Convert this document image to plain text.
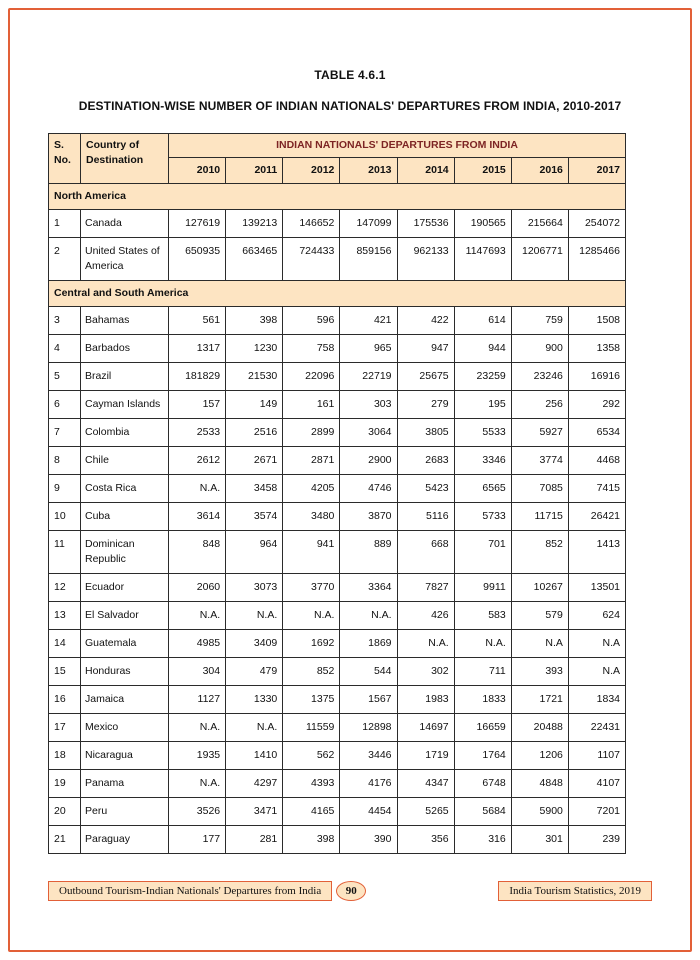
TABLE 4.6.1
DESTINATION-WISE NUMBER OF INDIAN NATIONALS' DEPARTURES FROM INDIA, 2010-2017
S. No.	Country of Destination	INDIAN NATIONALS' DEPARTURES FROM INDIA							
		2010	2011	2012	2013	2014	2015	2016	2017
North America									
1	Canada	127619	139213	146652	147099	175536	190565	215664	254072
2	United States of America	650935	663465	724433	859156	962133	1147693	1206771	1285466
Central and South America									
3	Bahamas	561	398	596	421	422	614	759	1508
4	Barbados	1317	1230	758	965	947	944	900	1358
5	Brazil	181829	21530	22096	22719	25675	23259	23246	16916
6	Cayman Islands	157	149	161	303	279	195	256	292
7	Colombia	2533	2516	2899	3064	3805	5533	5927	6534
8	Chile	2612	2671	2871	2900	2683	3346	3774	4468
9	Costa Rica	N.A.	3458	4205	4746	5423	6565	7085	7415
10	Cuba	3614	3574	3480	3870	5116	5733	11715	26421
11	Dominican Republic	848	964	941	889	668	701	852	1413
12	Ecuador	2060	3073	3770	3364	7827	9911	10267	13501
13	El Salvador	N.A.	N.A.	N.A.	N.A.	426	583	579	624
14	Guatemala	4985	3409	1692	1869	N.A.	N.A.	N.A	N.A
15	Honduras	304	479	852	544	302	711	393	N.A
16	Jamaica	1127	1330	1375	1567	1983	1833	1721	1834
17	Mexico	N.A.	N.A.	11559	12898	14697	16659	20488	22431
18	Nicaragua	1935	1410	562	3446	1719	1764	1206	1107
19	Panama	N.A.	4297	4393	4176	4347	6748	4848	4107
20	Peru	3526	3471	4165	4454	5265	5684	5900	7201
21	Paraguay	177	281	398	390	356	316	301	239
Outbound Tourism-Indian Nationals' Departures from India	90	India Tourism Statistics, 2019
